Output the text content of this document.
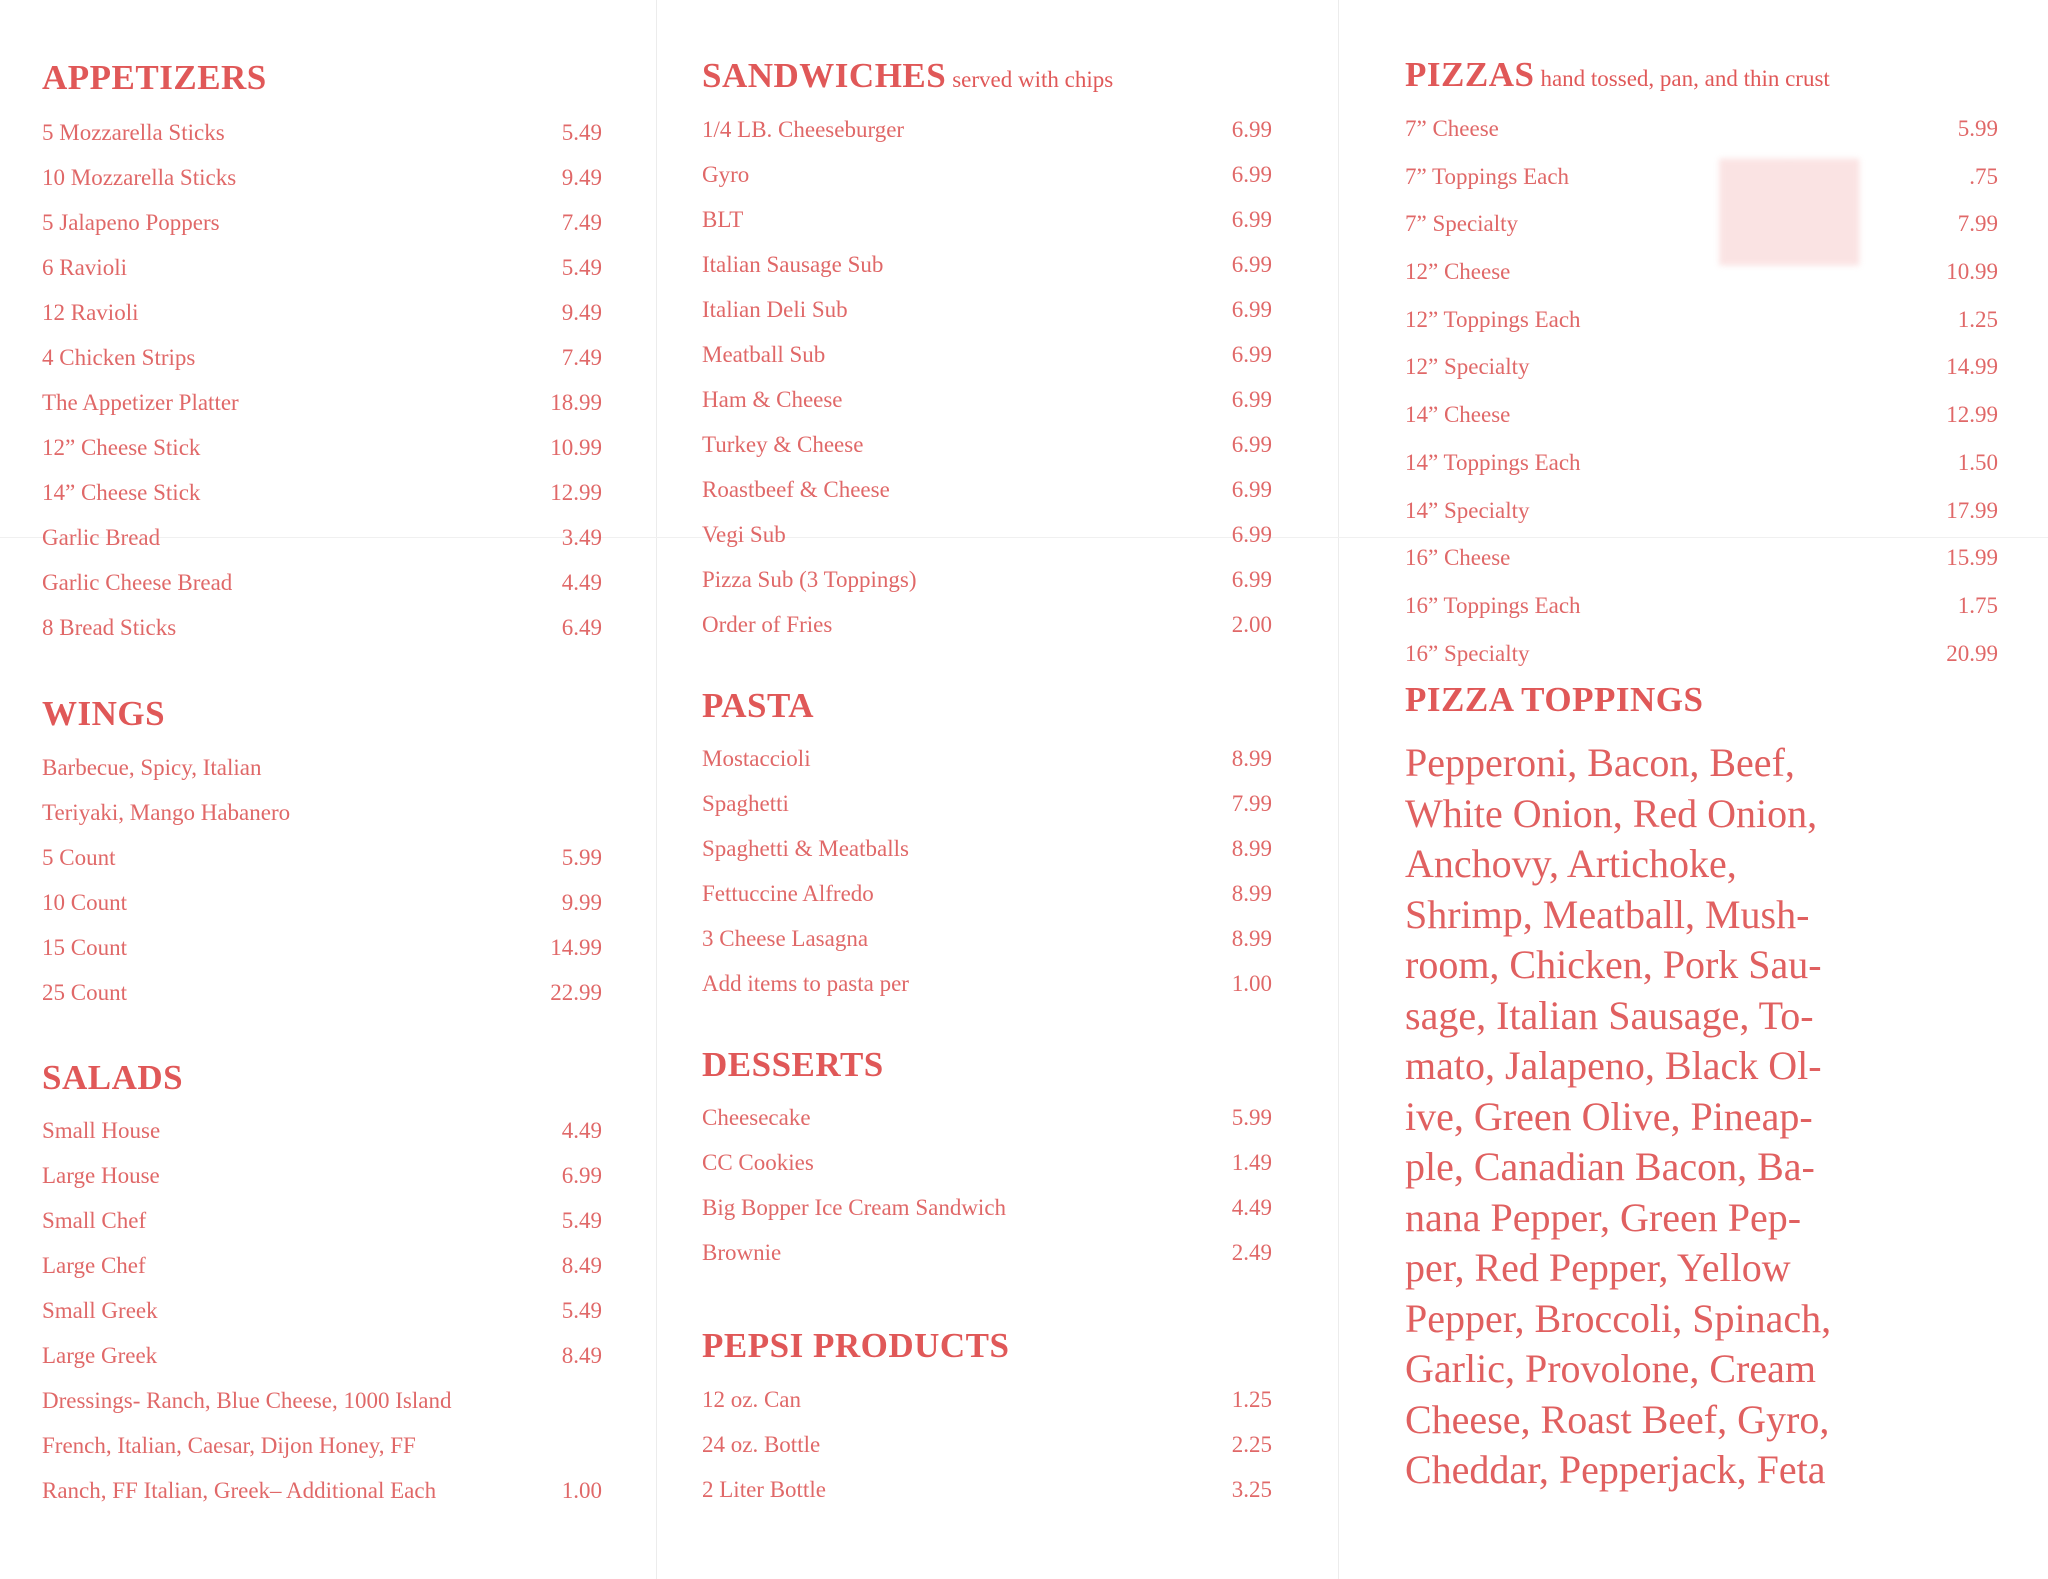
██
APPETIZERS
5 Mozzarella Sticks	5.49
10 Mozzarella Sticks	9.49
5 Jalapeno Poppers	7.49
6 Ravioli	5.49
12 Ravioli	9.49
4 Chicken Strips	7.49
The Appetizer Platter	18.99
12” Cheese Stick	10.99
14” Cheese Stick	12.99
Garlic Bread	3.49
Garlic Cheese Bread	4.49
8 Bread Sticks	6.49
WINGS
Barbecue, Spicy, Italian
Teriyaki, Mango Habanero
5 Count	5.99
10 Count	9.99
15 Count	14.99
25 Count	22.99
SALADS
Small House	4.49
Large House	6.99
Small Chef	5.49
Large Chef	8.49
Small Greek	5.49
Large Greek	8.49
Dressings- Ranch, Blue Cheese, 1000 Island
French, Italian, Caesar, Dijon Honey, FF
Ranch, FF Italian, Greek– Additional Each	1.00
SANDWICHES served with chips
1/4 LB. Cheeseburger	6.99
Gyro	6.99
BLT	6.99
Italian Sausage Sub	6.99
Italian Deli Sub	6.99
Meatball Sub	6.99
Ham & Cheese	6.99
Turkey & Cheese	6.99
Roastbeef & Cheese	6.99
Vegi Sub	6.99
Pizza Sub (3 Toppings)	6.99
Order of Fries	2.00
PASTA
Mostaccioli	8.99
Spaghetti	7.99
Spaghetti & Meatballs	8.99
Fettuccine Alfredo	8.99
3 Cheese Lasagna	8.99
Add items to pasta per	1.00
DESSERTS
Cheesecake	5.99
CC Cookies	1.49
Big Bopper Ice Cream Sandwich	4.49
Brownie	2.49
PEPSI PRODUCTS
12 oz. Can	1.25
24 oz. Bottle	2.25
2 Liter Bottle	3.25
PIZZAS hand tossed, pan, and thin crust
7” Cheese	5.99
7” Toppings Each	.75
7” Specialty	7.99
12” Cheese	10.99
12” Toppings Each	1.25
12” Specialty	14.99
14” Cheese	12.99
14” Toppings Each	1.50
14” Specialty	17.99
16” Cheese	15.99
16” Toppings Each	1.75
16” Specialty	20.99
PIZZA TOPPINGS

Pepperoni, Bacon, Beef,
White Onion, Red Onion,
Anchovy, Artichoke,
Shrimp, Meatball, Mush-
room, Chicken, Pork Sau-
sage, Italian Sausage, To-
mato, Jalapeno, Black Ol-
ive, Green Olive, Pineap-
ple, Canadian Bacon, Ba-
nana Pepper, Green Pep-
per, Red Pepper, Yellow
Pepper, Broccoli, Spinach,
Garlic, Provolone, Cream
Cheese, Roast Beef, Gyro,
Cheddar, Pepperjack, Feta
